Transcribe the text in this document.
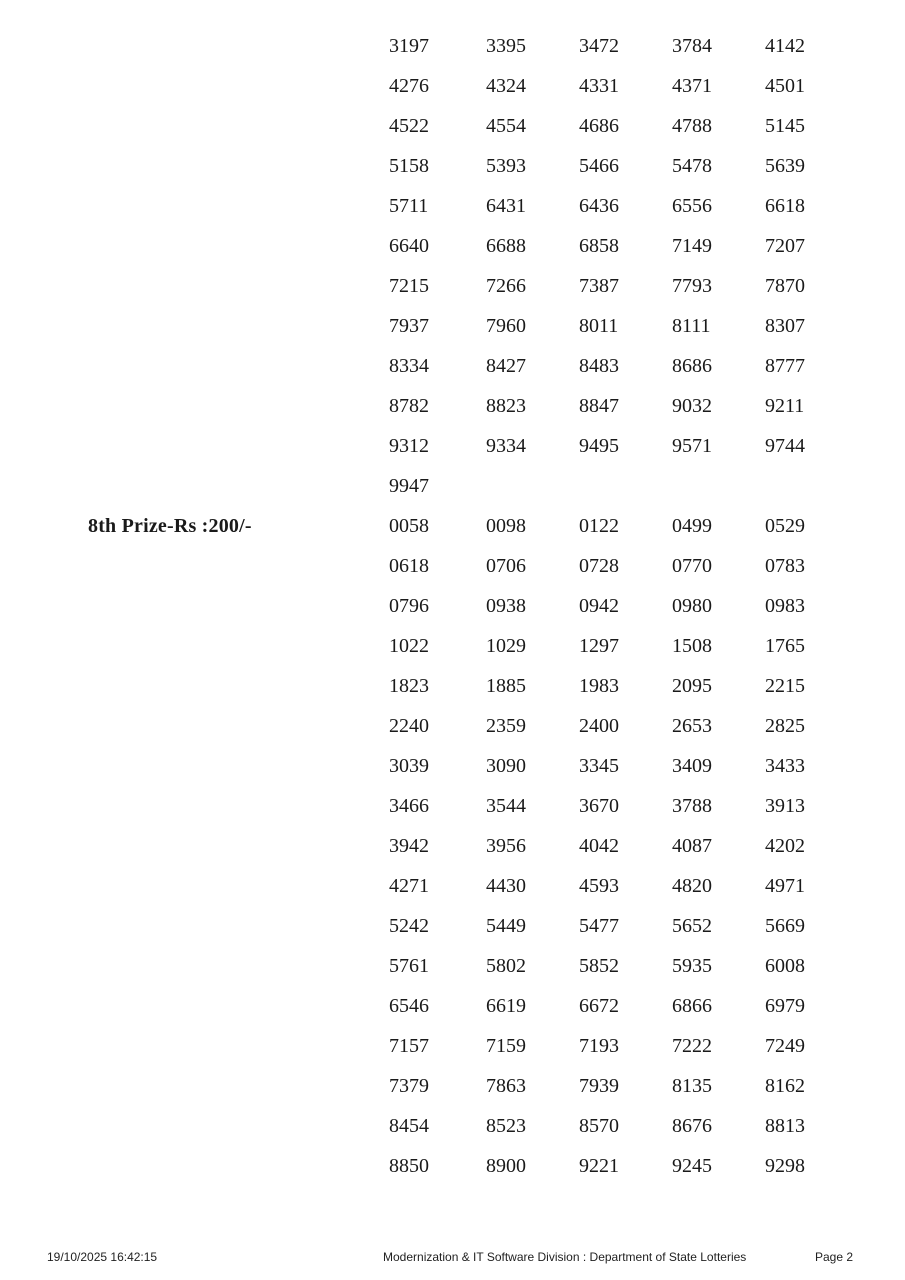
3197	3395	3472	3784	4142
4276	4324	4331	4371	4501
4522	4554	4686	4788	5145
5158	5393	5466	5478	5639
5711	6431	6436	6556	6618
6640	6688	6858	7149	7207
7215	7266	7387	7793	7870
7937	7960	8011	8111	8307
8334	8427	8483	8686	8777
8782	8823	8847	9032	9211
9312	9334	9495	9571	9744
9947
8th Prize-Rs :200/-	0058	0098	0122	0499	0529
0618	0706	0728	0770	0783
0796	0938	0942	0980	0983
1022	1029	1297	1508	1765
1823	1885	1983	2095	2215
2240	2359	2400	2653	2825
3039	3090	3345	3409	3433
3466	3544	3670	3788	3913
3942	3956	4042	4087	4202
4271	4430	4593	4820	4971
5242	5449	5477	5652	5669
5761	5802	5852	5935	6008
6546	6619	6672	6866	6979
7157	7159	7193	7222	7249
7379	7863	7939	8135	8162
8454	8523	8570	8676	8813
8850	8900	9221	9245	9298
19/10/2025 16:42:15	Modernization & IT Software Division : Department of State Lotteries	Page 2
